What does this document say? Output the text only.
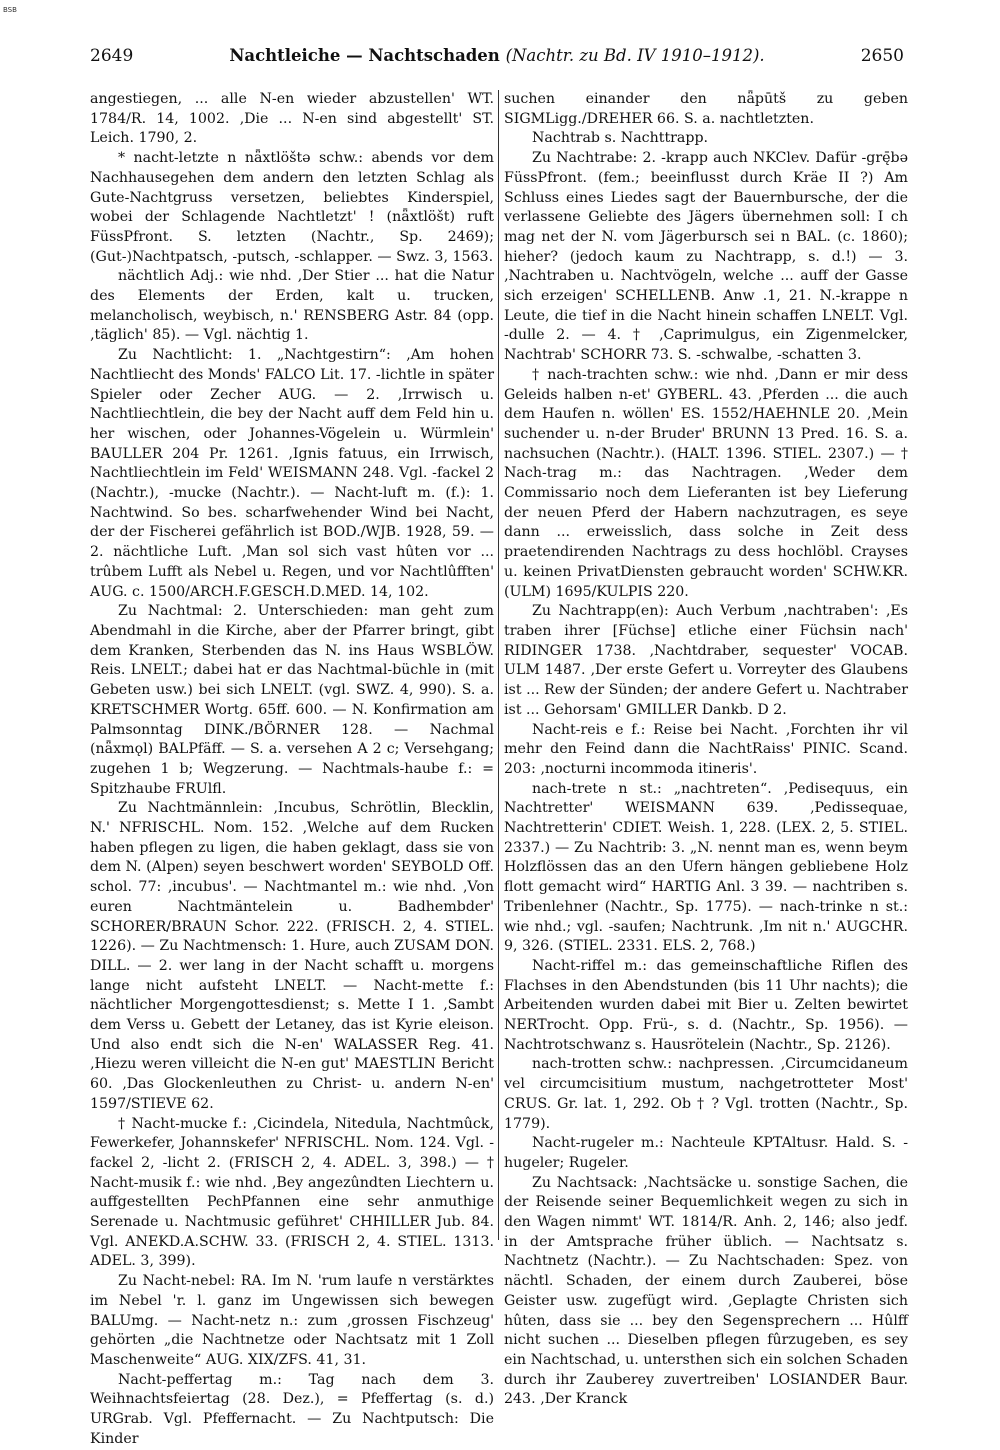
BSB
2649	Nachtleiche — Nachtschaden (Nachtr. zu Bd. IV 1910–1912).	2650

angestiegen, ... alle N-en wieder abzustellen' WT. 1784/R. 14, 1002. ‚Die ... N-en sind abgestellt' ST. Leich. 1790, 2.

* nacht-letzte n nǟxtlöštə schw.: abends vor dem Nachhausegehen dem andern den letzten Schlag als Gute-Nachtgruss versetzen, beliebtes Kinderspiel, wobei der Schlagende Nachtletzt' ! (nǟxtlöšt) ruft FüssPfront. S. letzten (Nachtr., Sp. 2469); (Gut-)Nachtpatsch, -putsch, -schlapper. — Swz. 3, 1563.

nächtlich Adj.: wie nhd. ‚Der Stier ... hat die Natur des Elements der Erden, kalt u. trucken, melancholisch, weybisch, n.' RENSBERG Astr. 84 (opp. ‚täglich' 85). — Vgl. nächtig 1.

Zu Nachtlicht: 1. „Nachtgestirn“: ‚Am hohen Nachtliecht des Monds' FALCO Lit. 17. -lichtle in später Spieler oder Zecher AUG. — 2. ‚Irrwisch u. Nachtliechtlein, die bey der Nacht auff dem Feld hin u. her wischen, oder Johannes-Vögelein u. Würmlein' BAULLER 204 Pr. 1261. ‚Ignis fatuus, ein Irrwisch, Nachtliechtlein im Feld' WEISMANN 248. Vgl. -fackel 2 (Nachtr.), -mucke (Nachtr.). — Nacht-luft m. (f.): 1. Nachtwind. So bes. scharfwehender Wind bei Nacht, der der Fischerei gefährlich ist BOD./WJB. 1928, 59. — 2. nächtliche Luft. ‚Man sol sich vast hûten vor ... trûbem Lufft als Nebel u. Regen, und vor Nachtlûfften' AUG. c. 1500/ARCH.F.GESCH.D.MED. 14, 102.

Zu Nachtmal: 2. Unterschieden: man geht zum Abendmahl in die Kirche, aber der Pfarrer bringt, gibt dem Kranken, Sterbenden das N. ins Haus WSBLÖW. Reis. LNELT.; dabei hat er das Nachtmal-büchle in (mit Gebeten usw.) bei sich LNELT. (vgl. SWZ. 4, 990). S. a. KRETSCHMER Wortg. 65ff. 600. — N. Konfirmation am Palmsonntag DINK./BÖRNER 128. — Nachmal (nǟxmǫl) BALPfäff. — S. a. versehen A 2 c; Versehgang; zugehen 1 b; Wegzerung. — Nachtmals-haube f.: = Spitzhaube FRUlfl.

Zu Nachtmännlein: ‚Incubus, Schrötlin, Blecklin, N.' NFRISCHL. Nom. 152. ‚Welche auf dem Rucken haben pflegen zu ligen, die haben geklagt, dass sie von dem N. (Alpen) seyen beschwert worden' SEYBOLD Off. schol. 77: ‚incubus'. — Nachtmantel m.: wie nhd. ‚Von euren Nachtmäntelein u. Badhembder' SCHORER/BRAUN Schor. 222. (FRISCH. 2, 4. STIEL. 1226). — Zu Nachtmensch: 1. Hure, auch ZUSAM DON. DILL. — 2. wer lang in der Nacht schafft u. morgens lange nicht aufsteht LNELT. — Nacht-mette f.: nächtlicher Morgengottesdienst; s. Mette I 1. ‚Sambt dem Verss u. Gebett der Letaney, das ist Kyrie eleison. Und also endt sich die N-en' WALASSER Reg. 41. ‚Hiezu weren villeicht die N-en gut' MAESTLIN Bericht 60. ‚Das Glockenleuthen zu Christ- u. andern N-en' 1597/STIEVE 62.

† Nacht-mucke f.: ‚Cicindela, Nitedula, Nachtmûck, Fewerkefer, Johannskefer' NFRISCHL. Nom. 124. Vgl. -fackel 2, -licht 2. (FRISCH 2, 4. ADEL. 3, 398.) — † Nacht-musik f.: wie nhd. ‚Bey angezûndten Liechtern u. auffgestellten PechPfannen eine sehr anmuthige Serenade u. Nachtmusic geführet' CHHILLER Jub. 84. Vgl. ANEKD.A.SCHW. 33. (FRISCH 2, 4. STIEL. 1313. ADEL. 3, 399).

Zu Nacht-nebel: RA. Im N. 'rum laufe n verstärktes im Nebel 'r. l. ganz im Ungewissen sich bewegen BALUmg. — Nacht-netz n.: zum ‚grossen Fischzeug' gehörten „die Nachtnetze oder Nachtsatz mit 1 Zoll Maschenweite“ AUG. XIX/ZFS. 41, 31.

Nacht-peffertag m.: Tag nach dem 3. Weihnachtsfeiertag (28. Dez.), = Pfeffertag (s. d.) URGrab. Vgl. Pfeffernacht. — Zu Nachtputsch: Die Kinder

suchen einander den nǟpūtš zu geben SIGMLigg./DREHER 66. S. a. nachtletzten.

Nachtrab s. Nachttrapp.

Zu Nachtrabe: 2. -krapp auch NKClev. Dafür -grę̄bə FüssPfront. (fem.; beeinflusst durch Kräe II ?) Am Schluss eines Liedes sagt der Bauernbursche, der die verlassene Geliebte des Jägers übernehmen soll: I ch mag net der N. vom Jägerbursch sei n BAL. (c. 1860); hieher? (jedoch kaum zu Nachtrapp, s. d.!) — 3. ‚Nachtraben u. Nachtvögeln, welche ... auff der Gasse sich erzeigen' SCHELLENB. Anw .1, 21. N.-krappe n Leute, die tief in die Nacht hinein schaffen LNELT. Vgl. -dulle 2. — 4. † ‚Caprimulgus, ein Zigenmelcker, Nachtrab' SCHORR 73. S. -schwalbe, -schatten 3.

† nach-trachten schw.: wie nhd. ‚Dann er mir dess Geleids halben n-et' GYBERL. 43. ‚Pferden ... die auch dem Haufen n. wöllen' ES. 1552/HAEHNLE 20. ‚Mein suchender u. n-der Bruder' BRUNN 13 Pred. 16. S. a. nachsuchen (Nachtr.). (HALT. 1396. STIEL. 2307.) — † Nach-trag m.: das Nachtragen. ‚Weder dem Commissario noch dem Lieferanten ist bey Lieferung der neuen Pferd der Habern nachzutragen, es seye dann ... erweisslich, dass solche in Zeit dess praetendirenden Nachtrags zu dess hochlöbl. Crayses u. keinen PrivatDiensten gebraucht worden' SCHW.KR. (ULM) 1695/KULPIS 220.

Zu Nachtrapp(en): Auch Verbum ‚nachtraben': ‚Es traben ihrer [Füchse] etliche einer Füchsin nach' RIDINGER 1738. ‚Nachtdraber, sequester' VOCAB. ULM 1487. ‚Der erste Gefert u. Vorreyter des Glaubens ist ... Rew der Sünden; der andere Gefert u. Nachtraber ist ... Gehorsam' GMILLER Dankb. D 2.

Nacht-reis e f.: Reise bei Nacht. ‚Forchten ihr vil mehr den Feind dann die NachtRaiss' PINIC. Scand. 203: ‚nocturni incommoda itineris'.

nach-trete n st.: „nachtreten“. ‚Pedisequus, ein Nachtretter' WEISMANN 639. ‚Pedissequae, Nachtretterin' CDIET. Weish. 1, 228. (LEX. 2, 5. STIEL. 2337.) — Zu Nachtrib: 3. „N. nennt man es, wenn beym Holzflössen das an den Ufern hängen gebliebene Holz flott gemacht wird“ HARTIG Anl. 3 39. — nachtriben s. Tribenlehner (Nachtr., Sp. 1775). — nach-trinke n st.: wie nhd.; vgl. -saufen; Nachtrunk. ‚Im nit n.' AUGCHR. 9, 326. (STIEL. 2331. ELS. 2, 768.)

Nacht-riffel m.: das gemeinschaftliche Riflen des Flachses in den Abendstunden (bis 11 Uhr nachts); die Arbeitenden wurden dabei mit Bier u. Zelten bewirtet NERTrocht. Opp. Frü-, s. d. (Nachtr., Sp. 1956). — Nachtrotschwanz s. Hausrötelein (Nachtr., Sp. 2126).

nach-trotten schw.: nachpressen. ‚Circumcidaneum vel circumcisitium mustum, nachgetrotteter Most' CRUS. Gr. lat. 1, 292. Ob † ? Vgl. trotten (Nachtr., Sp. 1779).

Nacht-rugeler m.: Nachteule KPTAltusr. Hald. S. -hugeler; Rugeler.

Zu Nachtsack: ‚Nachtsäcke u. sonstige Sachen, die der Reisende seiner Bequemlichkeit wegen zu sich in den Wagen nimmt' WT. 1814/R. Anh. 2, 146; also jedf. in der Amtsprache früher üblich. — Nachtsatz s. Nachtnetz (Nachtr.). — Zu Nachtschaden: Spez. von nächtl. Schaden, der einem durch Zauberei, böse Geister usw. zugefügt wird. ‚Geplagte Christen sich hûten, dass sie ... bey den Segensprechern ... Hûlff nicht suchen ... Dieselben pflegen fûrzugeben, es sey ein Nachtschad, u. untersthen sich ein solchen Schaden durch ihr Zauberey zuvertreiben' LOSIANDER Baur. 243. ‚Der Kranck
